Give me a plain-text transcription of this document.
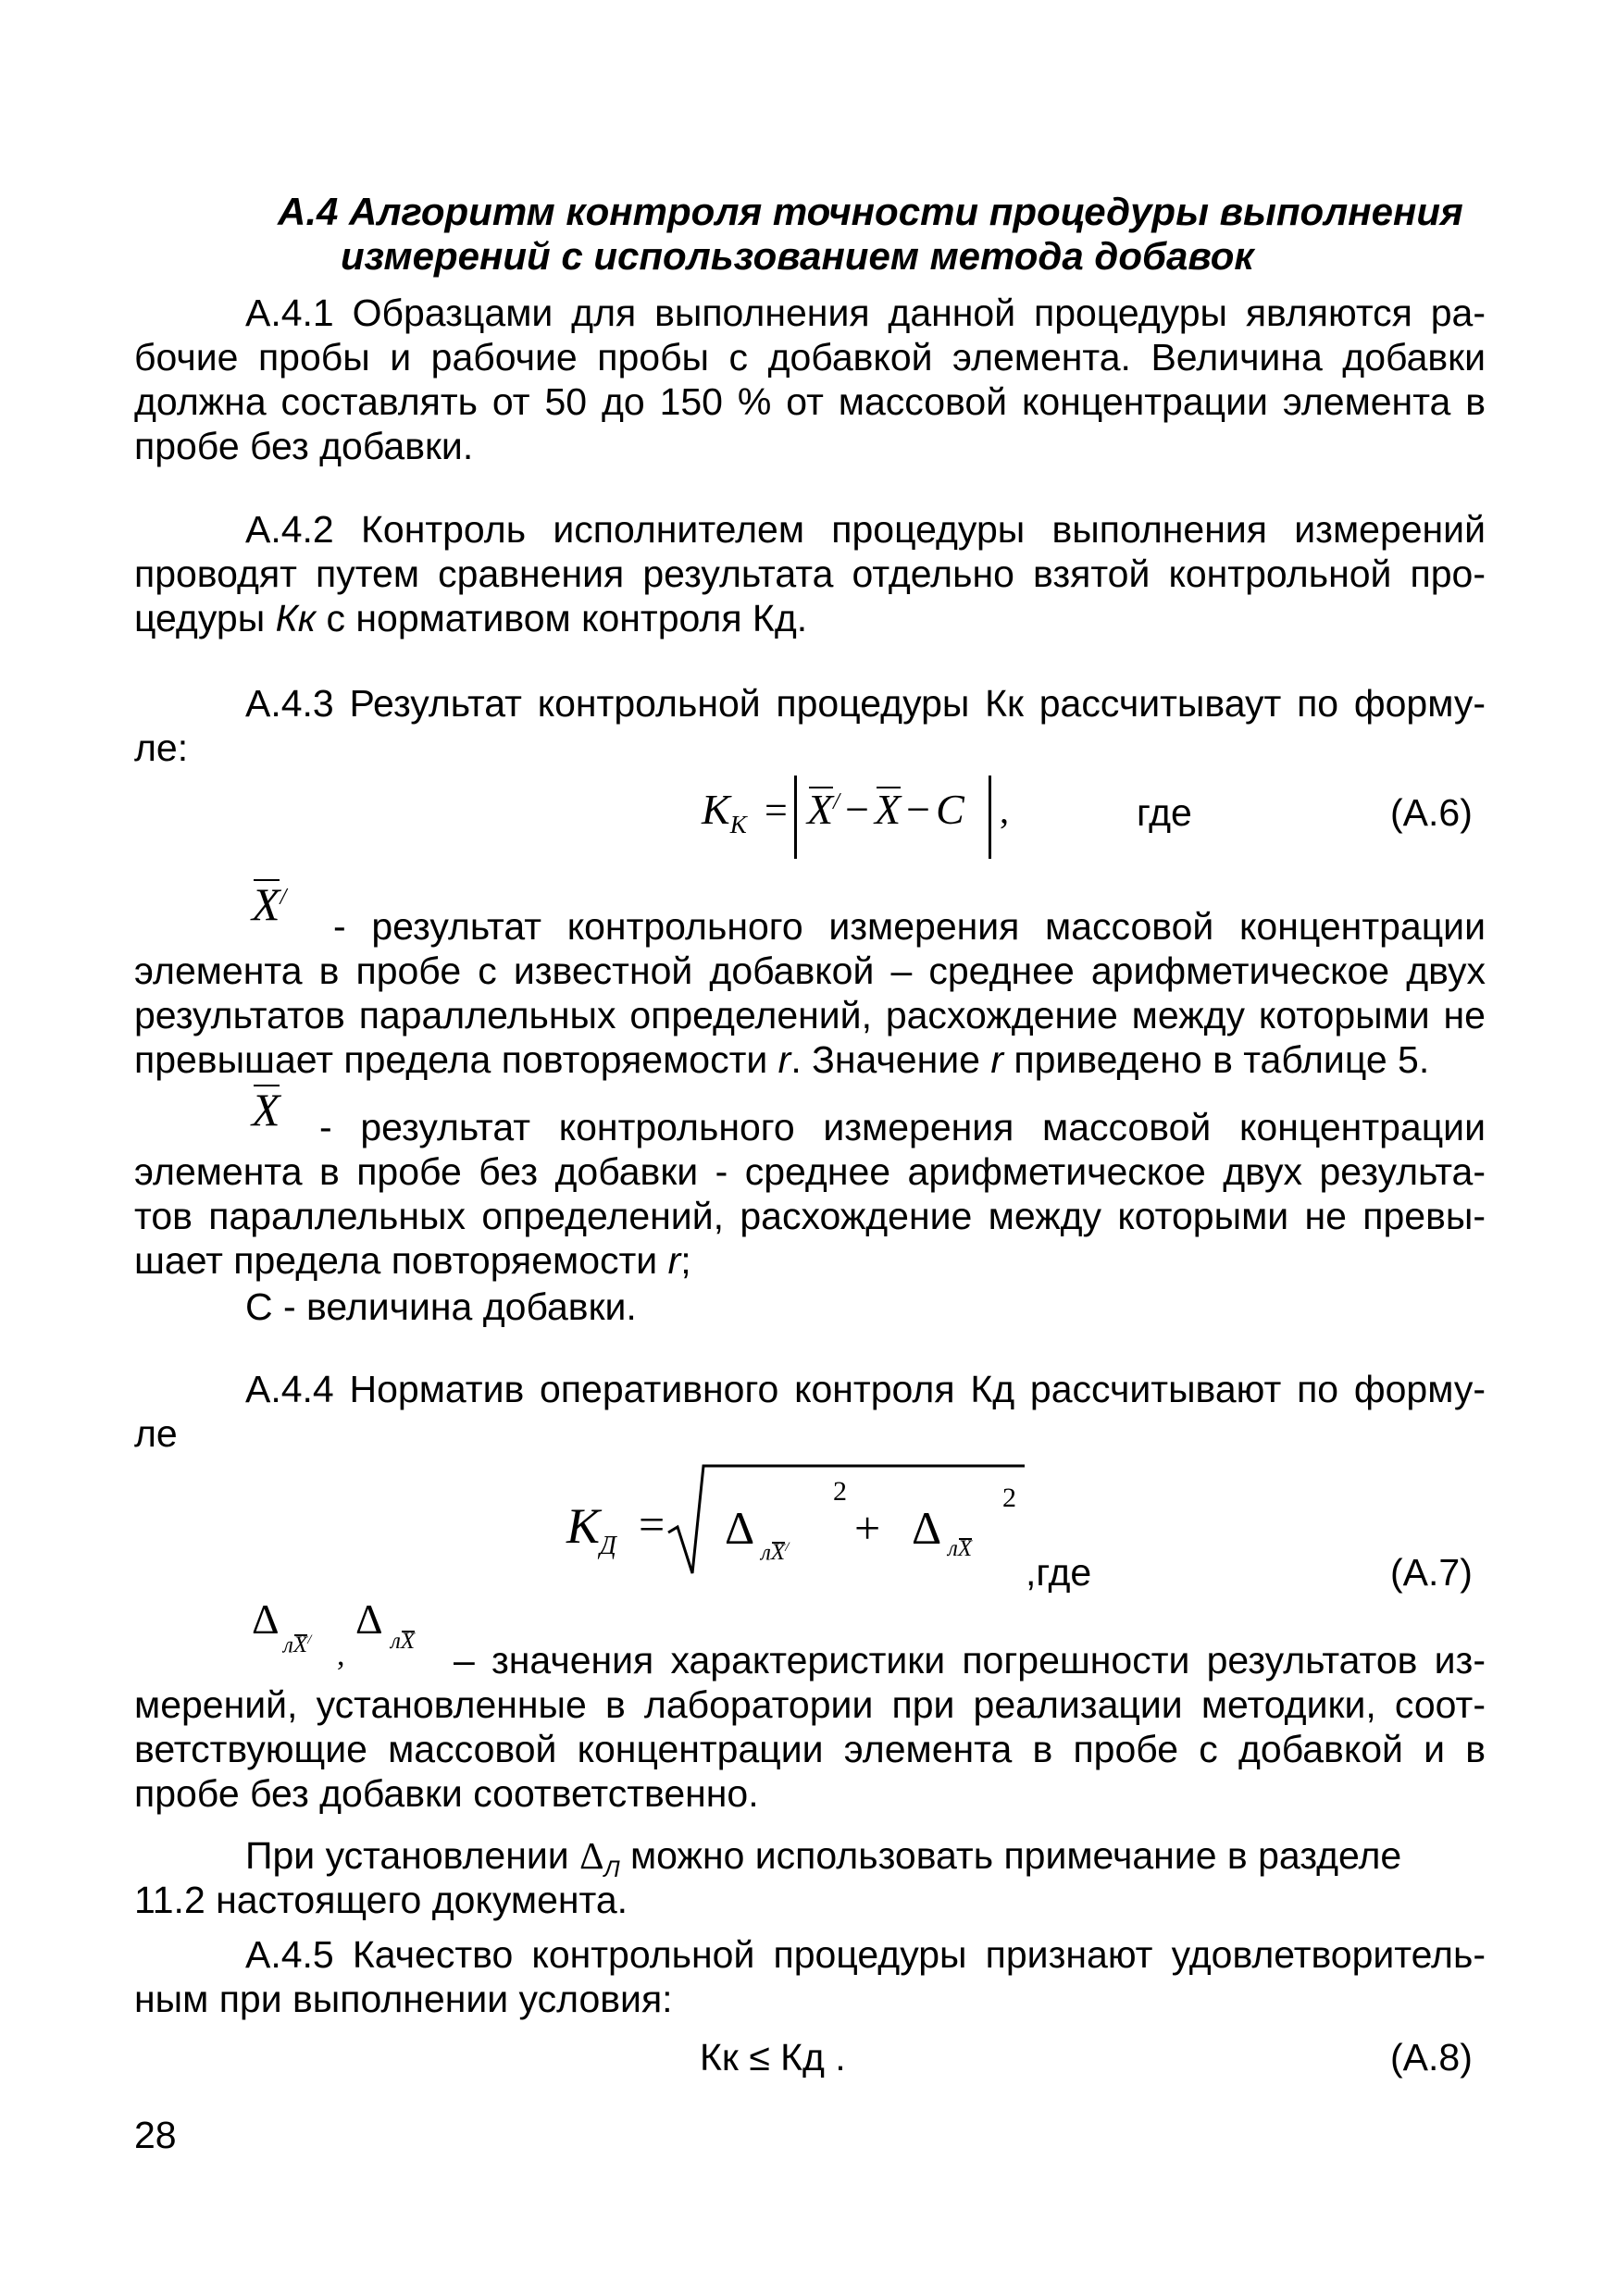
А.4 Алгоритм контроля точности процедуры выполнения
измерений с использованием метода добавок
А.4.1 Образцами для выполнения данной процедуры являются ра-
бочие пробы и рабочие пробы с добавкой элемента. Величина добавки
должна составлять от 50 до 150 % от массовой концентрации элемента в
пробе без добавки.
А.4.2 Контроль исполнителем процедуры выполнения измерений
проводят путем сравнения результата отдельно взятой контрольной про-
цедуры Кк с нормативом контроля Кд.
А.4.3 Результат контрольной процедуры Кк рассчитываут по форму-
ле:
$K_К = X^/ - X - C$ ,	где	(А.6)
X/
- результат контрольного измерения массовой концентрации
элемента в пробе с известной добавкой – среднее арифметическое двух
результатов параллельных определений, расхождение между которыми не
превышает предела повторяемости r. Значение r приведено в таблице 5.
X - результат контрольного измерения массовой концентрации
элемента в пробе без добавки - среднее арифметическое двух результа-
тов параллельных определений, расхождение между которыми не превы-
шает предела повторяемости r;
С - величина добавки.
А.4.4 Норматив оперативного контроля Кд рассчитывают по форму-
ле
$K_Д = \Delta$ лX/
2
+ Δ лX
2
,где	(А.7)
Δ
лX/ ,
Δ лX – значения характеристики погрешности результатов из-
мерений, установленные в лаборатории при реализации методики, соот-
ветствующие массовой концентрации элемента в пробе с добавкой и в
пробе без добавки соответственно.
При установлении $\Delta_Л$ можно использовать примечание в разделе
11.2 настоящего документа.
А.4.5 Качество контрольной процедуры признают удовлетворитель-
ным при выполнении условия:
Кк ≤ Кд .	(А.8)
28
